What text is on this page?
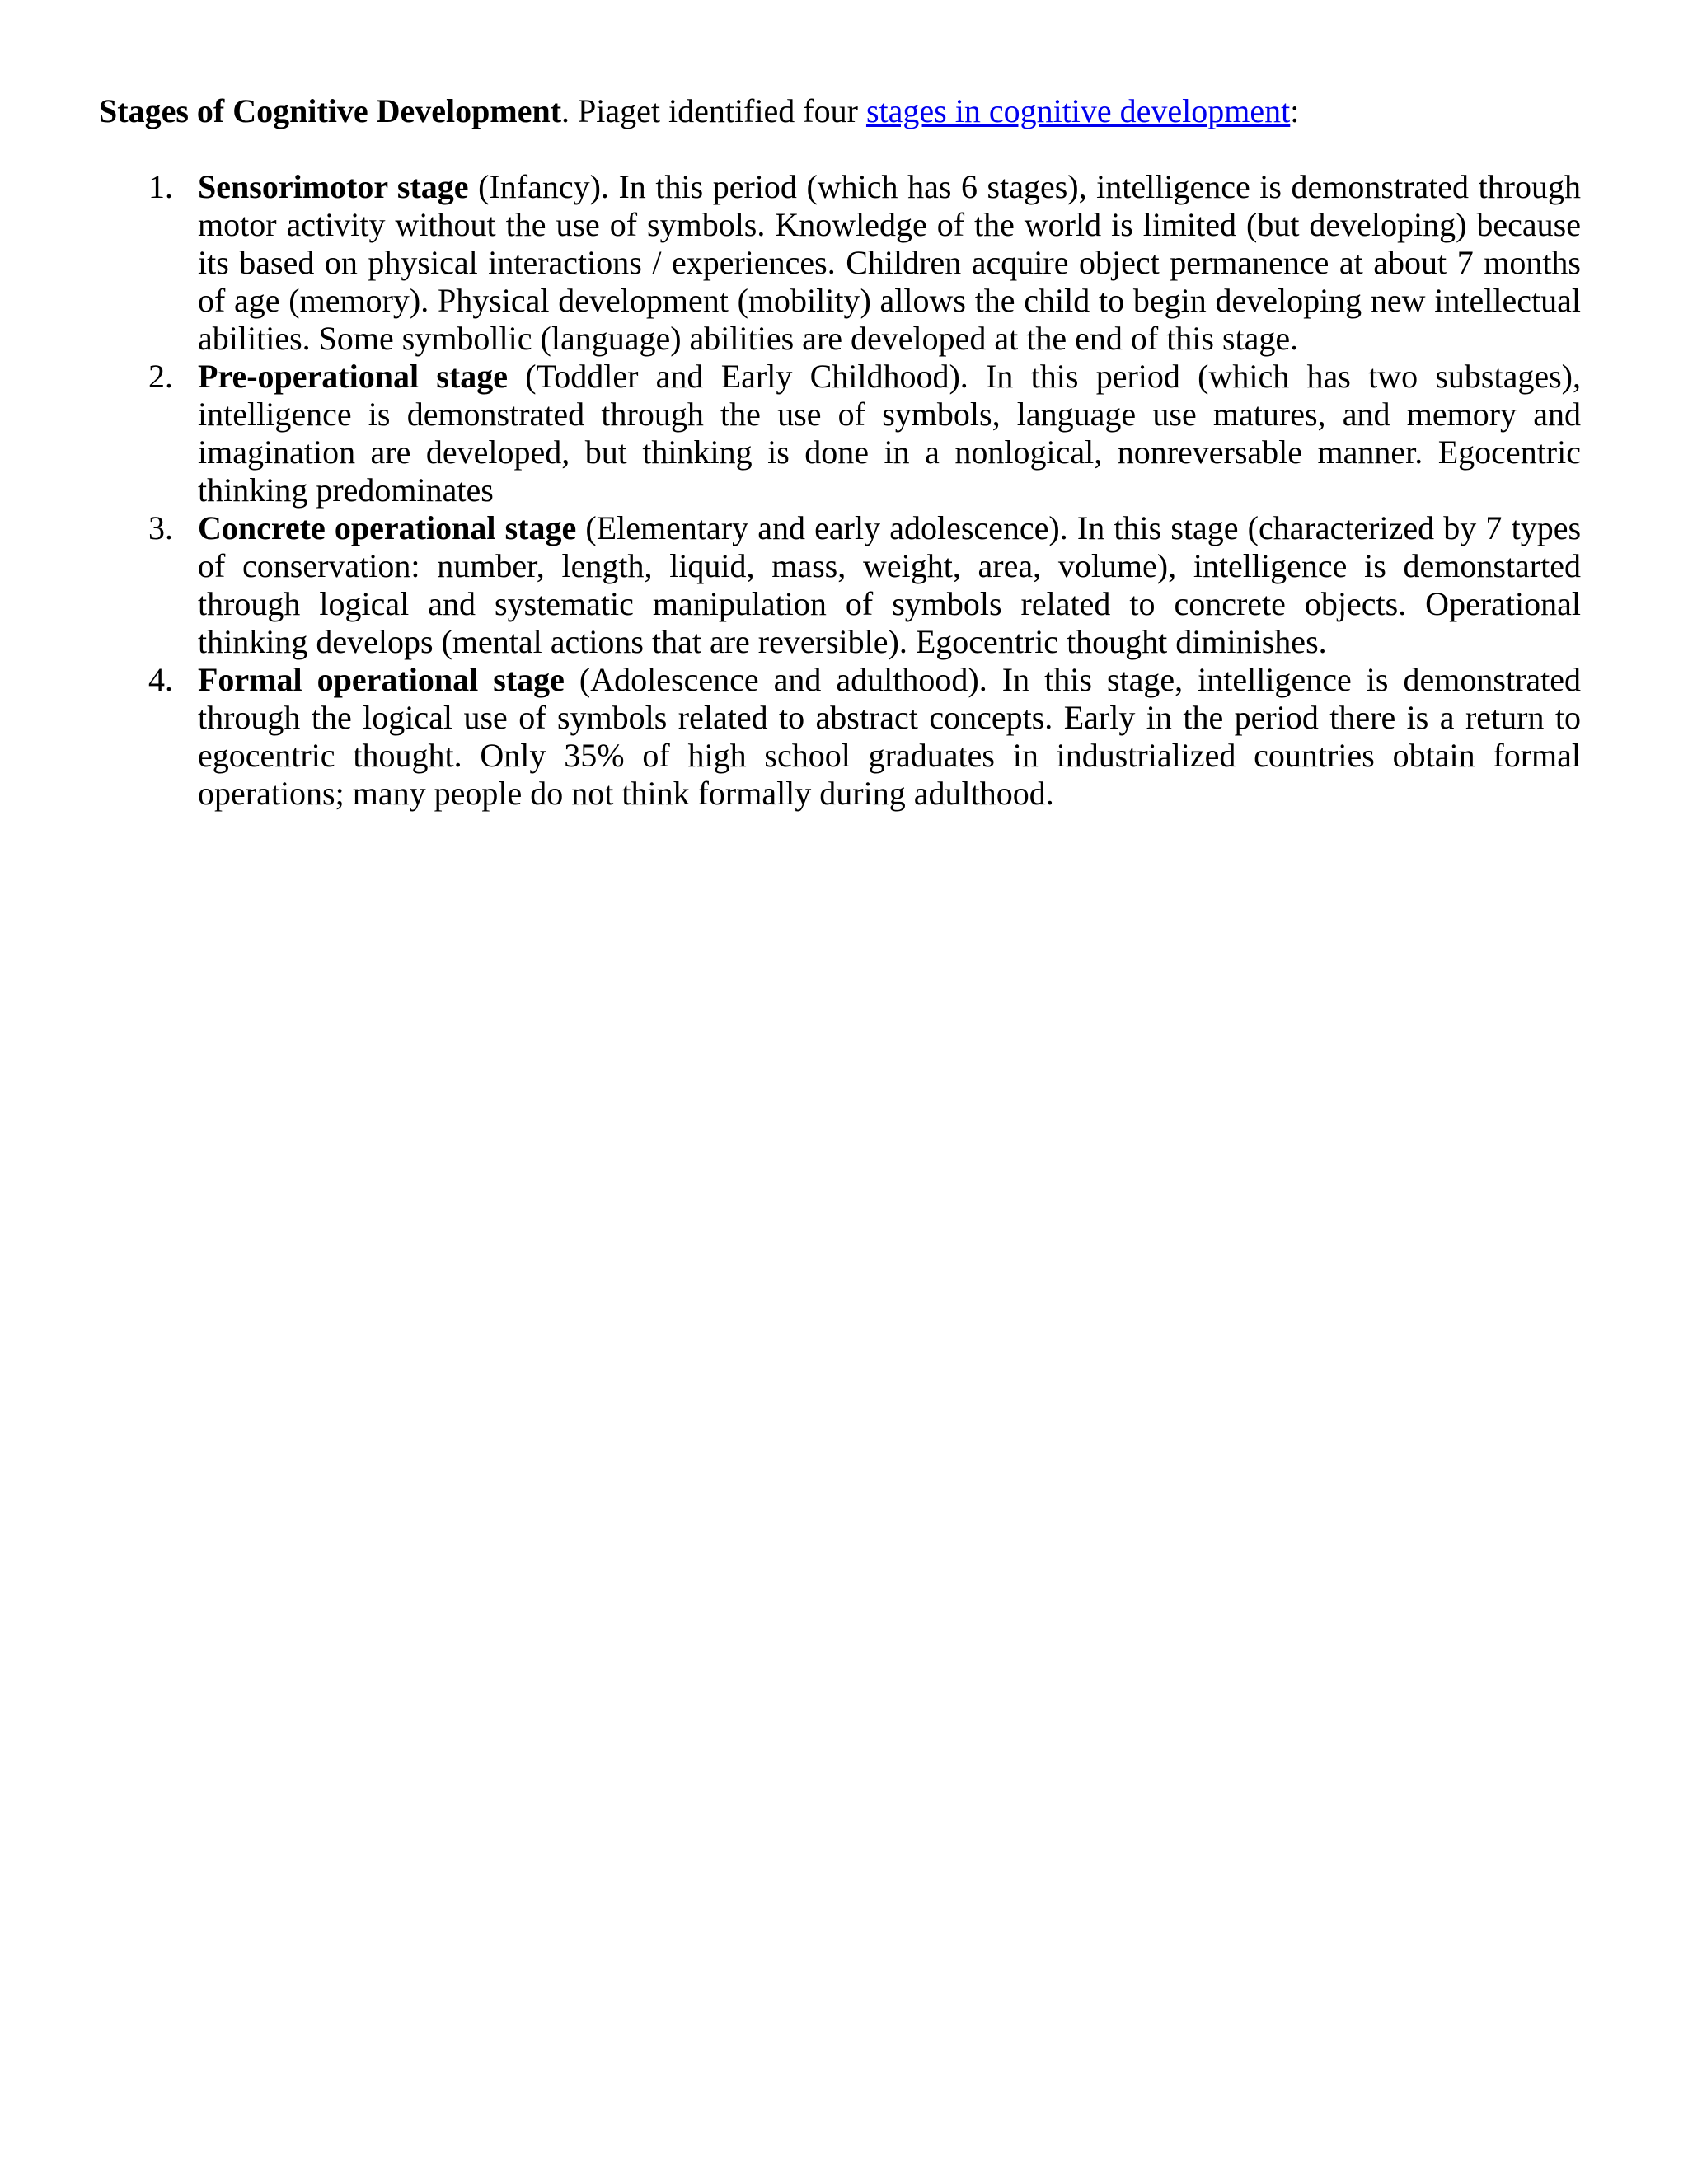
Stages of Cognitive Development. Piaget identified four stages in cognitive development:

1. Sensorimotor stage (Infancy). In this period (which has 6 stages), intelligence is demonstrated through motor activity without the use of symbols. Knowledge of the world is limited (but developing) because its based on physical interactions / experiences. Children acquire object permanence at about 7 months of age (memory). Physical development (mobility) allows the child to begin developing new intellectual abilities. Some symbollic (language) abilities are developed at the end of this stage.
2. Pre-operational stage (Toddler and Early Childhood). In this period (which has two substages), intelligence is demonstrated through the use of symbols, language use matures, and memory and imagination are developed, but thinking is done in a nonlogical, nonreversable manner. Egocentric thinking predominates
3. Concrete operational stage (Elementary and early adolescence). In this stage (characterized by 7 types of conservation: number, length, liquid, mass, weight, area, volume), intelligence is demonstarted through logical and systematic manipulation of symbols related to concrete objects. Operational thinking develops (mental actions that are reversible). Egocentric thought diminishes.
4. Formal operational stage (Adolescence and adulthood). In this stage, intelligence is demonstrated through the logical use of symbols related to abstract concepts. Early in the period there is a return to egocentric thought. Only 35% of high school graduates in industrialized countries obtain formal operations; many people do not think formally during adulthood.
